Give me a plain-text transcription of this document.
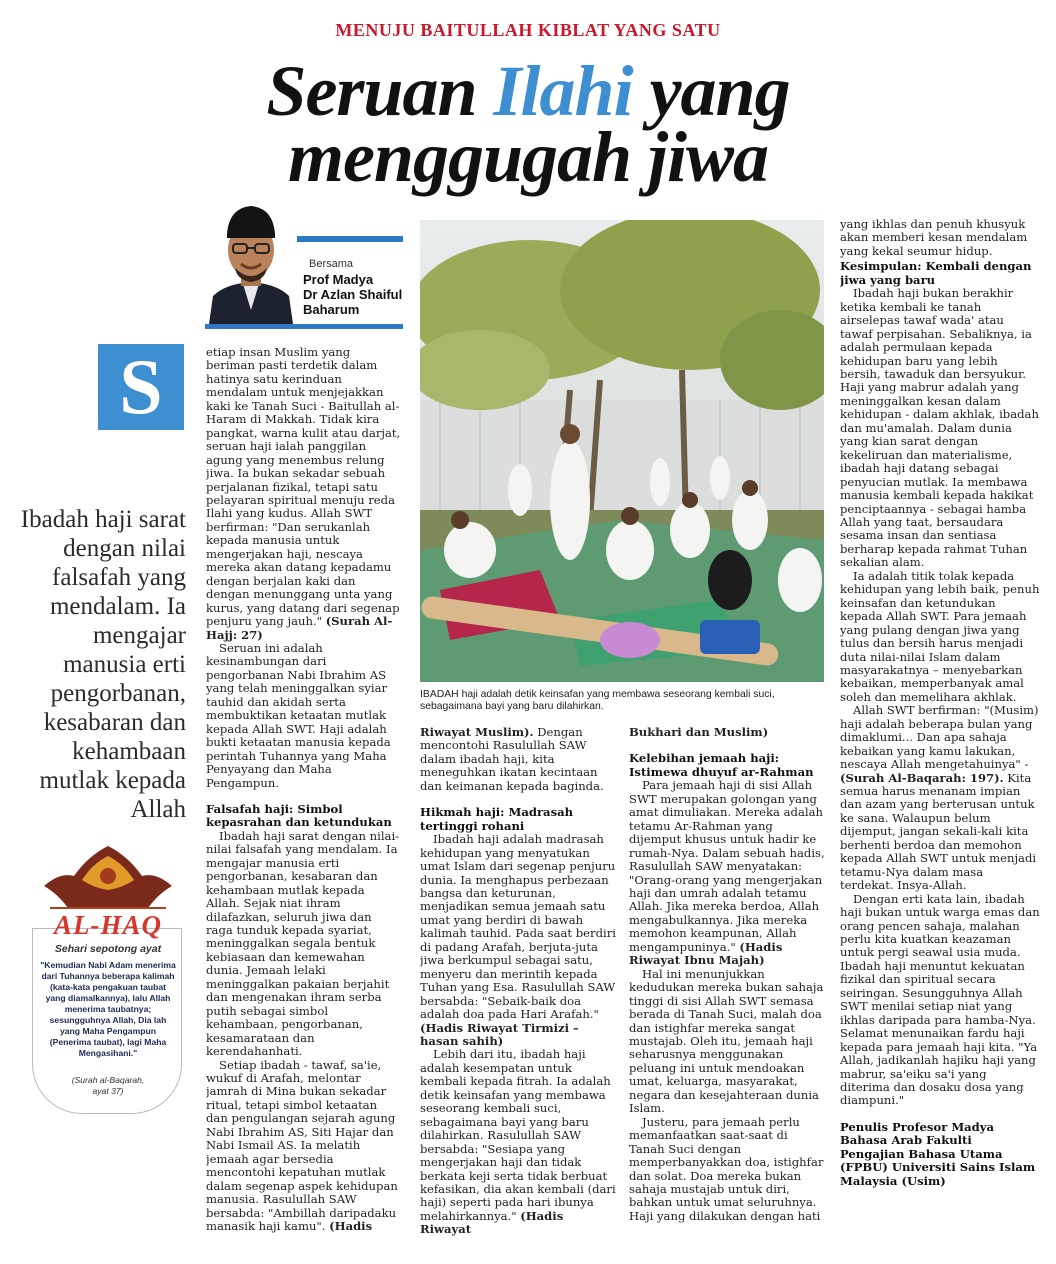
MENUJU BAITULLAH KIBLAT YANG SATU
Seruan Ilahi yang
menggugah jiwa
Bersama
Prof Madya
Dr Azlan Shaiful
Baharum
S
Ibadah haji sarat dengan nilai falsafah yang mendalam. Ia mengajar manusia erti pengorbanan, kesabaran dan kehambaan mutlak kepada Allah
AL-HAQ
Sehari sepotong ayat
"Kemudian Nabi Adam menerima dari Tuhannya beberapa kalimah (kata-kata pengakuan taubat yang diamalkannya), lalu Allah menerima taubatnya; sesungguhnya Allah, Dia lah yang Maha Pengampun (Penerima taubat), lagi Maha Mengasihani."
(Surah al-Baqarah,
ayat 37)
IBADAH haji adalah detik keinsafan yang membawa seseorang kembali suci, sebagaimana bayi yang baru dilahirkan.

etiap insan Muslim yang beriman pasti terdetik dalam hatinya satu kerinduan mendalam untuk menjejakkan kaki ke Tanah Suci - Baitullah al-Haram di Makkah. Tidak kira pangkat, warna kulit atau darjat, seruan haji ialah panggilan agung yang menembus relung jiwa. Ia bukan sekadar sebuah perjalanan fizikal, tetapi satu pelayaran spiritual menuju reda Ilahi yang kudus. Allah SWT berfirman: "Dan serukanlah kepada manusia untuk mengerjakan haji, nescaya mereka akan datang kepadamu dengan berjalan kaki dan dengan menunggang unta yang kurus, yang datang dari segenap penjuru yang jauh." (Surah Al-Hajj: 27)

Seruan ini adalah kesinambungan dari pengorbanan Nabi Ibrahim AS yang telah meninggalkan syiar tauhid dan akidah serta membuktikan ketaatan mutlak kepada Allah SWT. Haji adalah bukti ketaatan manusia kepada perintah Tuhannya yang Maha Penyayang dan Maha Pengampun.

Falsafah haji: Simbol kepasrahan dan ketundukan

Ibadah haji sarat dengan nilai-nilai falsafah yang mendalam. Ia mengajar manusia erti pengorbanan, kesabaran dan kehambaan mutlak kepada Allah. Sejak niat ihram dilafazkan, seluruh jiwa dan raga tunduk kepada syariat, meninggalkan segala bentuk kebiasaan dan kemewahan dunia. Jemaah lelaki meninggalkan pakaian berjahit dan mengenakan ihram serba putih sebagai simbol kehambaan, pengorbanan, kesamarataan dan kerendahanhati.

Setiap ibadah - tawaf, sa'ie, wukuf di Arafah, melontar jamrah di Mina bukan sekadar ritual, tetapi simbol ketaatan dan pengulangan sejarah agung Nabi Ibrahim AS, Siti Hajar dan Nabi Ismail AS. Ia melatih jemaah agar bersedia mencontohi kepatuhan mutlak dalam segenap aspek kehidupan manusia. Rasulullah SAW bersabda: "Ambillah daripadaku manasik haji kamu". (Hadis

Riwayat Muslim). Dengan mencontohi Rasulullah SAW dalam ibadah haji, kita meneguhkan ikatan kecintaan dan keimanan kepada baginda.

Hikmah haji: Madrasah tertinggi rohani

Ibadah haji adalah madrasah kehidupan yang menyatukan umat Islam dari segenap penjuru dunia. Ia menghapus perbezaan bangsa dan keturunan, menjadikan semua jemaah satu umat yang berdiri di bawah kalimah tauhid. Pada saat berdiri di padang Arafah, berjuta-juta jiwa berkumpul sebagai satu, menyeru dan merintih kepada Tuhan yang Esa. Rasulullah SAW bersabda: "Sebaik-baik doa adalah doa pada Hari Arafah." (Hadis Riwayat Tirmizi – hasan sahih)

Lebih dari itu, ibadah haji adalah kesempatan untuk kembali kepada fitrah. Ia adalah detik keinsafan yang membawa seseorang kembali suci, sebagaimana bayi yang baru dilahirkan. Rasulullah SAW bersabda: "Sesiapa yang mengerjakan haji dan tidak berkata keji serta tidak berbuat kefasikan, dia akan kembali (dari haji) seperti pada hari ibunya melahirkannya." (Hadis Riwayat

Bukhari dan Muslim)

Kelebihan jemaah haji: Istimewa dhuyuf ar-Rahman

Para jemaah haji di sisi Allah SWT merupakan golongan yang amat dimuliakan. Mereka adalah tetamu Ar-Rahman yang dijemput khusus untuk hadir ke rumah-Nya. Dalam sebuah hadis, Rasulullah SAW menyatakan: "Orang-orang yang mengerjakan haji dan umrah adalah tetamu Allah. Jika mereka berdoa, Allah mengabulkannya. Jika mereka memohon keampunan, Allah mengampuninya." (Hadis Riwayat Ibnu Majah)

Hal ini menunjukkan kedudukan mereka bukan sahaja tinggi di sisi Allah SWT semasa berada di Tanah Suci, malah doa dan istighfar mereka sangat mustajab. Oleh itu, jemaah haji seharusnya menggunakan peluang ini untuk mendoakan umat, keluarga, masyarakat, negara dan kesejahteraan dunia Islam.

Justeru, para jemaah perlu memanfaatkan saat-saat di Tanah Suci dengan memperbanyakkan doa, istighfar dan solat. Doa mereka bukan sahaja mustajab untuk diri, bahkan untuk umat seluruhnya. Haji yang dilakukan dengan hati

yang ikhlas dan penuh khusyuk akan memberi kesan mendalam yang kekal seumur hidup.

Kesimpulan: Kembali dengan jiwa yang baru

Ibadah haji bukan berakhir ketika kembali ke tanah airselepas tawaf wada' atau tawaf perpisahan. Sebaliknya, ia adalah permulaan kepada kehidupan baru yang lebih bersih, tawaduk dan bersyukur. Haji yang mabrur adalah yang meninggalkan kesan dalam kehidupan - dalam akhlak, ibadah dan mu'amalah. Dalam dunia yang kian sarat dengan kekeliruan dan materialisme, ibadah haji datang sebagai penyucian mutlak. Ia membawa manusia kembali kepada hakikat penciptaannya - sebagai hamba Allah yang taat, bersaudara sesama insan dan sentiasa berharap kepada rahmat Tuhan sekalian alam.

Ia adalah titik tolak kepada kehidupan yang lebih baik, penuh keinsafan dan ketundukan kepada Allah SWT. Para jemaah yang pulang dengan jiwa yang tulus dan bersih harus menjadi duta nilai-nilai Islam dalam masyarakatnya – menyebarkan kebaikan, memperbanyak amal soleh dan memelihara akhlak.

Allah SWT berfirman: "(Musim) haji adalah beberapa bulan yang dimaklumi... Dan apa sahaja kebaikan yang kamu lakukan, nescaya Allah mengetahuinya" - (Surah Al-Baqarah: 197). Kita semua harus menanam impian dan azam yang berterusan untuk ke sana. Walaupun belum dijemput, jangan sekali-kali kita berhenti berdoa dan memohon kepada Allah SWT untuk menjadi tetamu-Nya dalam masa terdekat. Insya-Allah.

Dengan erti kata lain, ibadah haji bukan untuk warga emas dan orang pencen sahaja, malahan perlu kita kuatkan keazaman untuk pergi seawal usia muda. Ibadah haji menuntut kekuatan fizikal dan spiritual secara seiringan. Sesungguhnya Allah SWT menilai setiap niat yang ikhlas daripada para hamba-Nya. Selamat menunaikan fardu haji kepada para jemaah haji kita. "Ya Allah, jadikanlah hajiku haji yang mabrur, sa'eiku sa'i yang diterima dan dosaku dosa yang diampuni."

Penulis Profesor Madya Bahasa Arab Fakulti Pengajian Bahasa Utama (FPBU) Universiti Sains Islam Malaysia (Usim)
